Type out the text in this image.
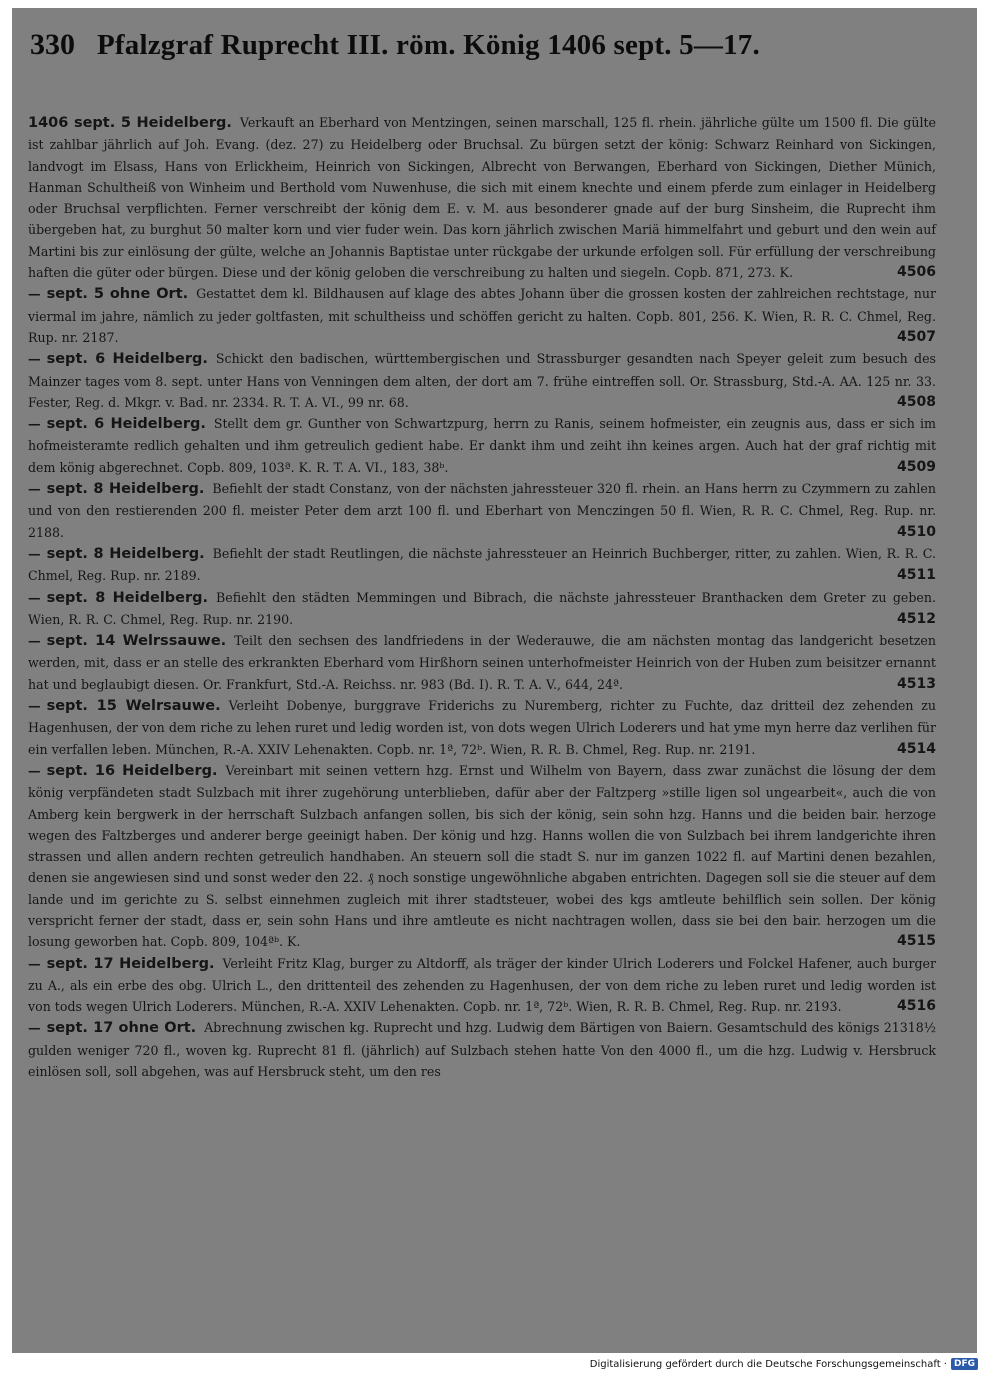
330 Pfalzgraf Ruprecht III. röm. König 1406 sept. 5—17.

1406 sept. 5 Heidelberg. Verkauft an Eberhard von Mentzingen, seinen marschall, 125 fl. rhein. jährliche gülte um 1500 fl. Die gülte ist zahlbar jährlich auf Joh. Evang. (dez. 27) zu Heidelberg oder Bruchsal. Zu bürgen setzt der könig: Schwarz Reinhard von Sickingen, landvogt im Elsass, Hans von Erlickheim, Heinrich von Sickingen, Albrecht von Berwangen, Eberhard von Sickingen, Diether Münich, Hanman Schultheiß von Winheim und Berthold vom Nuwenhuse, die sich mit einem knechte und einem pferde zum einlager in Heidelberg oder Bruchsal verpflichten. Ferner verschreibt der könig dem E. v. M. aus besonderer gnade auf der burg Sinsheim, die Ruprecht ihm übergeben hat, zu burghut 50 malter korn und vier fuder wein. Das korn jährlich zwischen Mariä himmelfahrt und geburt und den wein auf Martini bis zur einlösung der gülte, welche an Johannis Baptistae unter rückgabe der urkunde erfolgen soll. Für erfüllung der verschreibung haften die güter oder bürgen. Diese und der könig geloben die verschreibung zu halten und siegeln. Copb. 871, 273. K.	4506

— sept. 5 ohne Ort. Gestattet dem kl. Bildhausen auf klage des abtes Johann über die grossen kosten der zahlreichen rechtstage, nur viermal im jahre, nämlich zu jeder goltfasten, mit schultheiss und schöffen gericht zu halten. Copb. 801, 256. K. Wien, R. R. C. Chmel, Reg. Rup. nr. 2187.	4507

— sept. 6 Heidelberg. Schickt den badischen, württembergischen und Strassburger gesandten nach Speyer geleit zum besuch des Mainzer tages vom 8. sept. unter Hans von Venningen dem alten, der dort am 7. frühe eintreffen soll. Or. Strassburg, Std.-A. AA. 125 nr. 33. Fester, Reg. d. Mkgr. v. Bad. nr. 2334. R. T. A. VI., 99 nr. 68.	4508

— sept. 6 Heidelberg. Stellt dem gr. Gunther von Schwartzpurg, herrn zu Ranis, seinem hofmeister, ein zeugnis aus, dass er sich im hofmeisteramte redlich gehalten und ihm getreulich gedient habe. Er dankt ihm und zeiht ihn keines argen. Auch hat der graf richtig mit dem könig abgerechnet. Copb. 809, 103ª. K. R. T. A. VI., 183, 38ᵇ.	4509

— sept. 8 Heidelberg. Befiehlt der stadt Constanz, von der nächsten jahressteuer 320 fl. rhein. an Hans herrn zu Czymmern zu zahlen und von den restierenden 200 fl. meister Peter dem arzt 100 fl. und Eberhart von Menczingen 50 fl. Wien, R. R. C. Chmel, Reg. Rup. nr. 2188.	4510

— sept. 8 Heidelberg. Befiehlt der stadt Reutlingen, die nächste jahressteuer an Heinrich Buchberger, ritter, zu zahlen. Wien, R. R. C. Chmel, Reg. Rup. nr. 2189.	4511

— sept. 8 Heidelberg. Befiehlt den städten Memmingen und Bibrach, die nächste jahressteuer Branthacken dem Greter zu geben. Wien, R. R. C. Chmel, Reg. Rup. nr. 2190.	4512

— sept. 14 Welrssauwe. Teilt den sechsen des landfriedens in der Wederauwe, die am nächsten montag das landgericht besetzen werden, mit, dass er an stelle des erkrankten Eberhard vom Hirßhorn seinen unterhofmeister Heinrich von der Huben zum beisitzer ernannt hat und beglaubigt diesen. Or. Frankfurt, Std.-A. Reichss. nr. 983 (Bd. I). R. T. A. V., 644, 24ª.	4513

— sept. 15 Welrsauwe. Verleiht Dobenye, burggrave Friderichs zu Nuremberg, richter zu Fuchte, daz dritteil dez zehenden zu Hagenhusen, der von dem riche zu lehen ruret und ledig worden ist, von dots wegen Ulrich Loderers und hat yme myn herre daz verlihen für ein verfallen leben. München, R.-A. XXIV Lehenakten. Copb. nr. 1ª, 72ᵇ. Wien, R. R. B. Chmel, Reg. Rup. nr. 2191.	4514

— sept. 16 Heidelberg. Vereinbart mit seinen vettern hzg. Ernst und Wilhelm von Bayern, dass zwar zunächst die lösung der dem könig verpfändeten stadt Sulzbach mit ihrer zugehörung unterblieben, dafür aber der Faltzperg »stille ligen sol ungearbeit«, auch die von Amberg kein bergwerk in der herrschaft Sulzbach anfangen sollen, bis sich der könig, sein sohn hzg. Hanns und die beiden bair. herzoge wegen des Faltzberges und anderer berge geeinigt haben. Der könig und hzg. Hanns wollen die von Sulzbach bei ihrem landgerichte ihren strassen und allen andern rechten getreulich handhaben. An steuern soll die stadt S. nur im ganzen 1022 fl. auf Martini denen bezahlen, denen sie angewiesen sind und sonst weder den 22. ₰ noch sonstige ungewöhnliche abgaben entrichten. Dagegen soll sie die steuer auf dem lande und im gerichte zu S. selbst einnehmen zugleich mit ihrer stadtsteuer, wobei des kgs amtleute behilflich sein sollen. Der könig verspricht ferner der stadt, dass er, sein sohn Hans und ihre amtleute es nicht nachtragen wollen, dass sie bei den bair. herzogen um die losung geworben hat. Copb. 809, 104ªᵇ. K.	4515

— sept. 17 Heidelberg. Verleiht Fritz Klag, burger zu Altdorff, als träger der kinder Ulrich Loderers und Folckel Hafener, auch burger zu A., als ein erbe des obg. Ulrich L., den drittenteil des zehenden zu Hagenhusen, der von dem riche zu leben ruret und ledig worden ist von tods wegen Ulrich Loderers. München, R.-A. XXIV Lehenakten. Copb. nr. 1ª, 72ᵇ. Wien, R. R. B. Chmel, Reg. Rup. nr. 2193.	4516

— sept. 17 ohne Ort. Abrechnung zwischen kg. Ruprecht und hzg. Ludwig dem Bärtigen von Baiern. Gesamtschuld des königs 21318½ gulden weniger 720 fl., woven kg. Ruprecht 81 fl. (jährlich) auf Sulzbach stehen hatte Von den 4000 fl., um die hzg. Ludwig v. Hersbruck einlösen soll, soll abgehen, was auf Hersbruck steht, um den res

Digitalisierung gefördert durch die Deutsche Forschungsgemeinschaft · DFG
